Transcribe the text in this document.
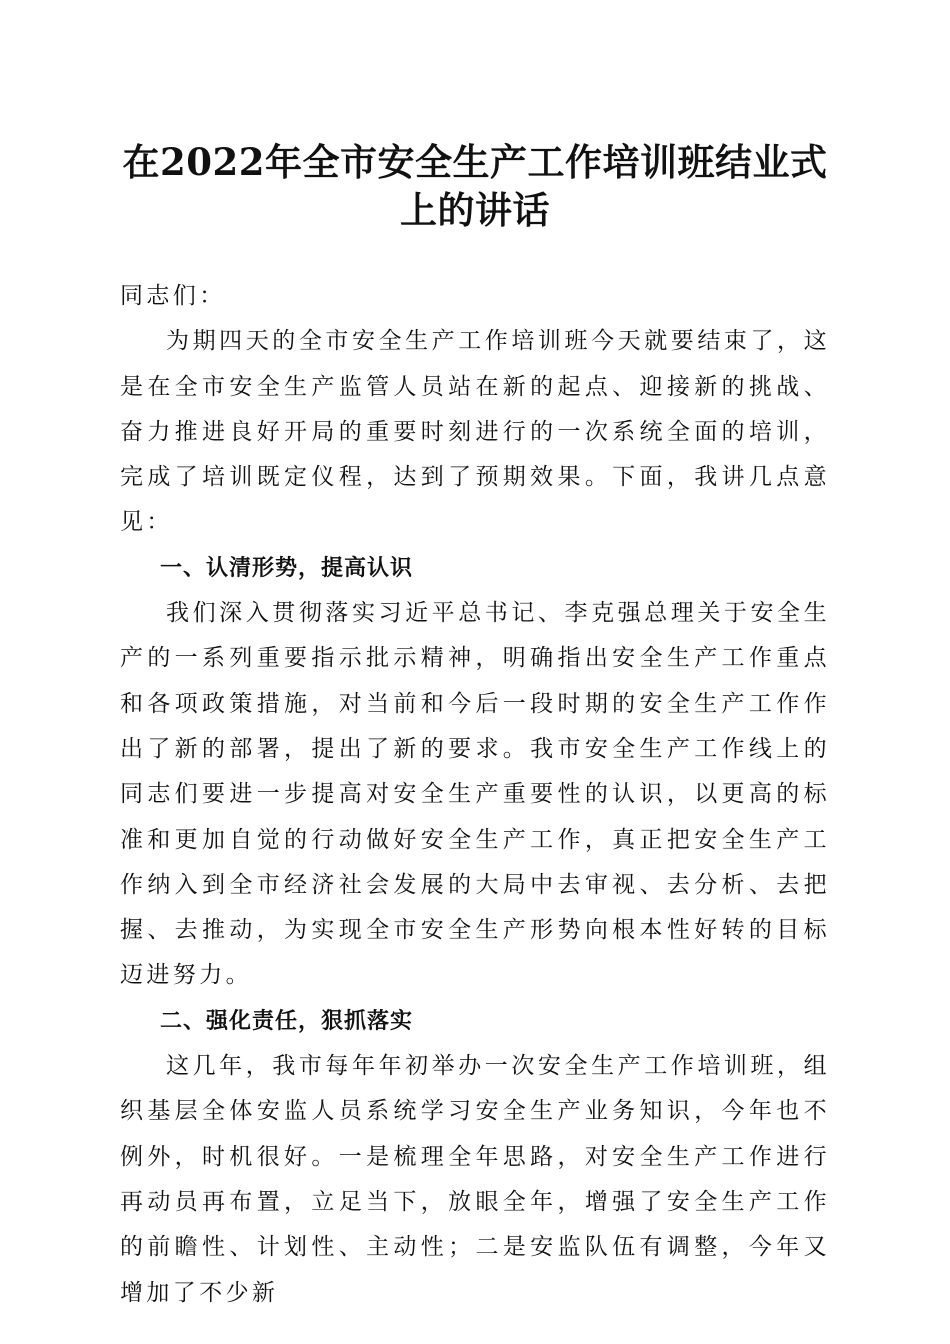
在2022年全市安全生产工作培训班结业式上的讲话

同志们：

为期四天的全市安全生产工作培训班今天就要结束了，这是在全市安全生产监管人员站在新的起点、迎接新的挑战、奋力推进良好开局的重要时刻进行的一次系统全面的培训，完成了培训既定仪程，达到了预期效果。下面，我讲几点意见：

一、认清形势，提高认识

我们深入贯彻落实习近平总书记、李克强总理关于安全生产的一系列重要指示批示精神，明确指出安全生产工作重点和各项政策措施，对当前和今后一段时期的安全生产工作作出了新的部署，提出了新的要求。我市安全生产工作线上的同志们要进一步提高对安全生产重要性的认识，以更高的标准和更加自觉的行动做好安全生产工作，真正把安全生产工作纳入到全市经济社会发展的大局中去审视、去分析、去把握、去推动，为实现全市安全生产形势向根本性好转的目标迈进努力。

二、强化责任，狠抓落实

这几年，我市每年年初举办一次安全生产工作培训班，组织基层全体安监人员系统学习安全生产业务知识，今年也不例外，时机很好。一是梳理全年思路，对安全生产工作进行再动员再布置，立足当下，放眼全年，增强了安全生产工作的前瞻性、计划性、主动性；二是安监队伍有调整，今年又增加了不少新
